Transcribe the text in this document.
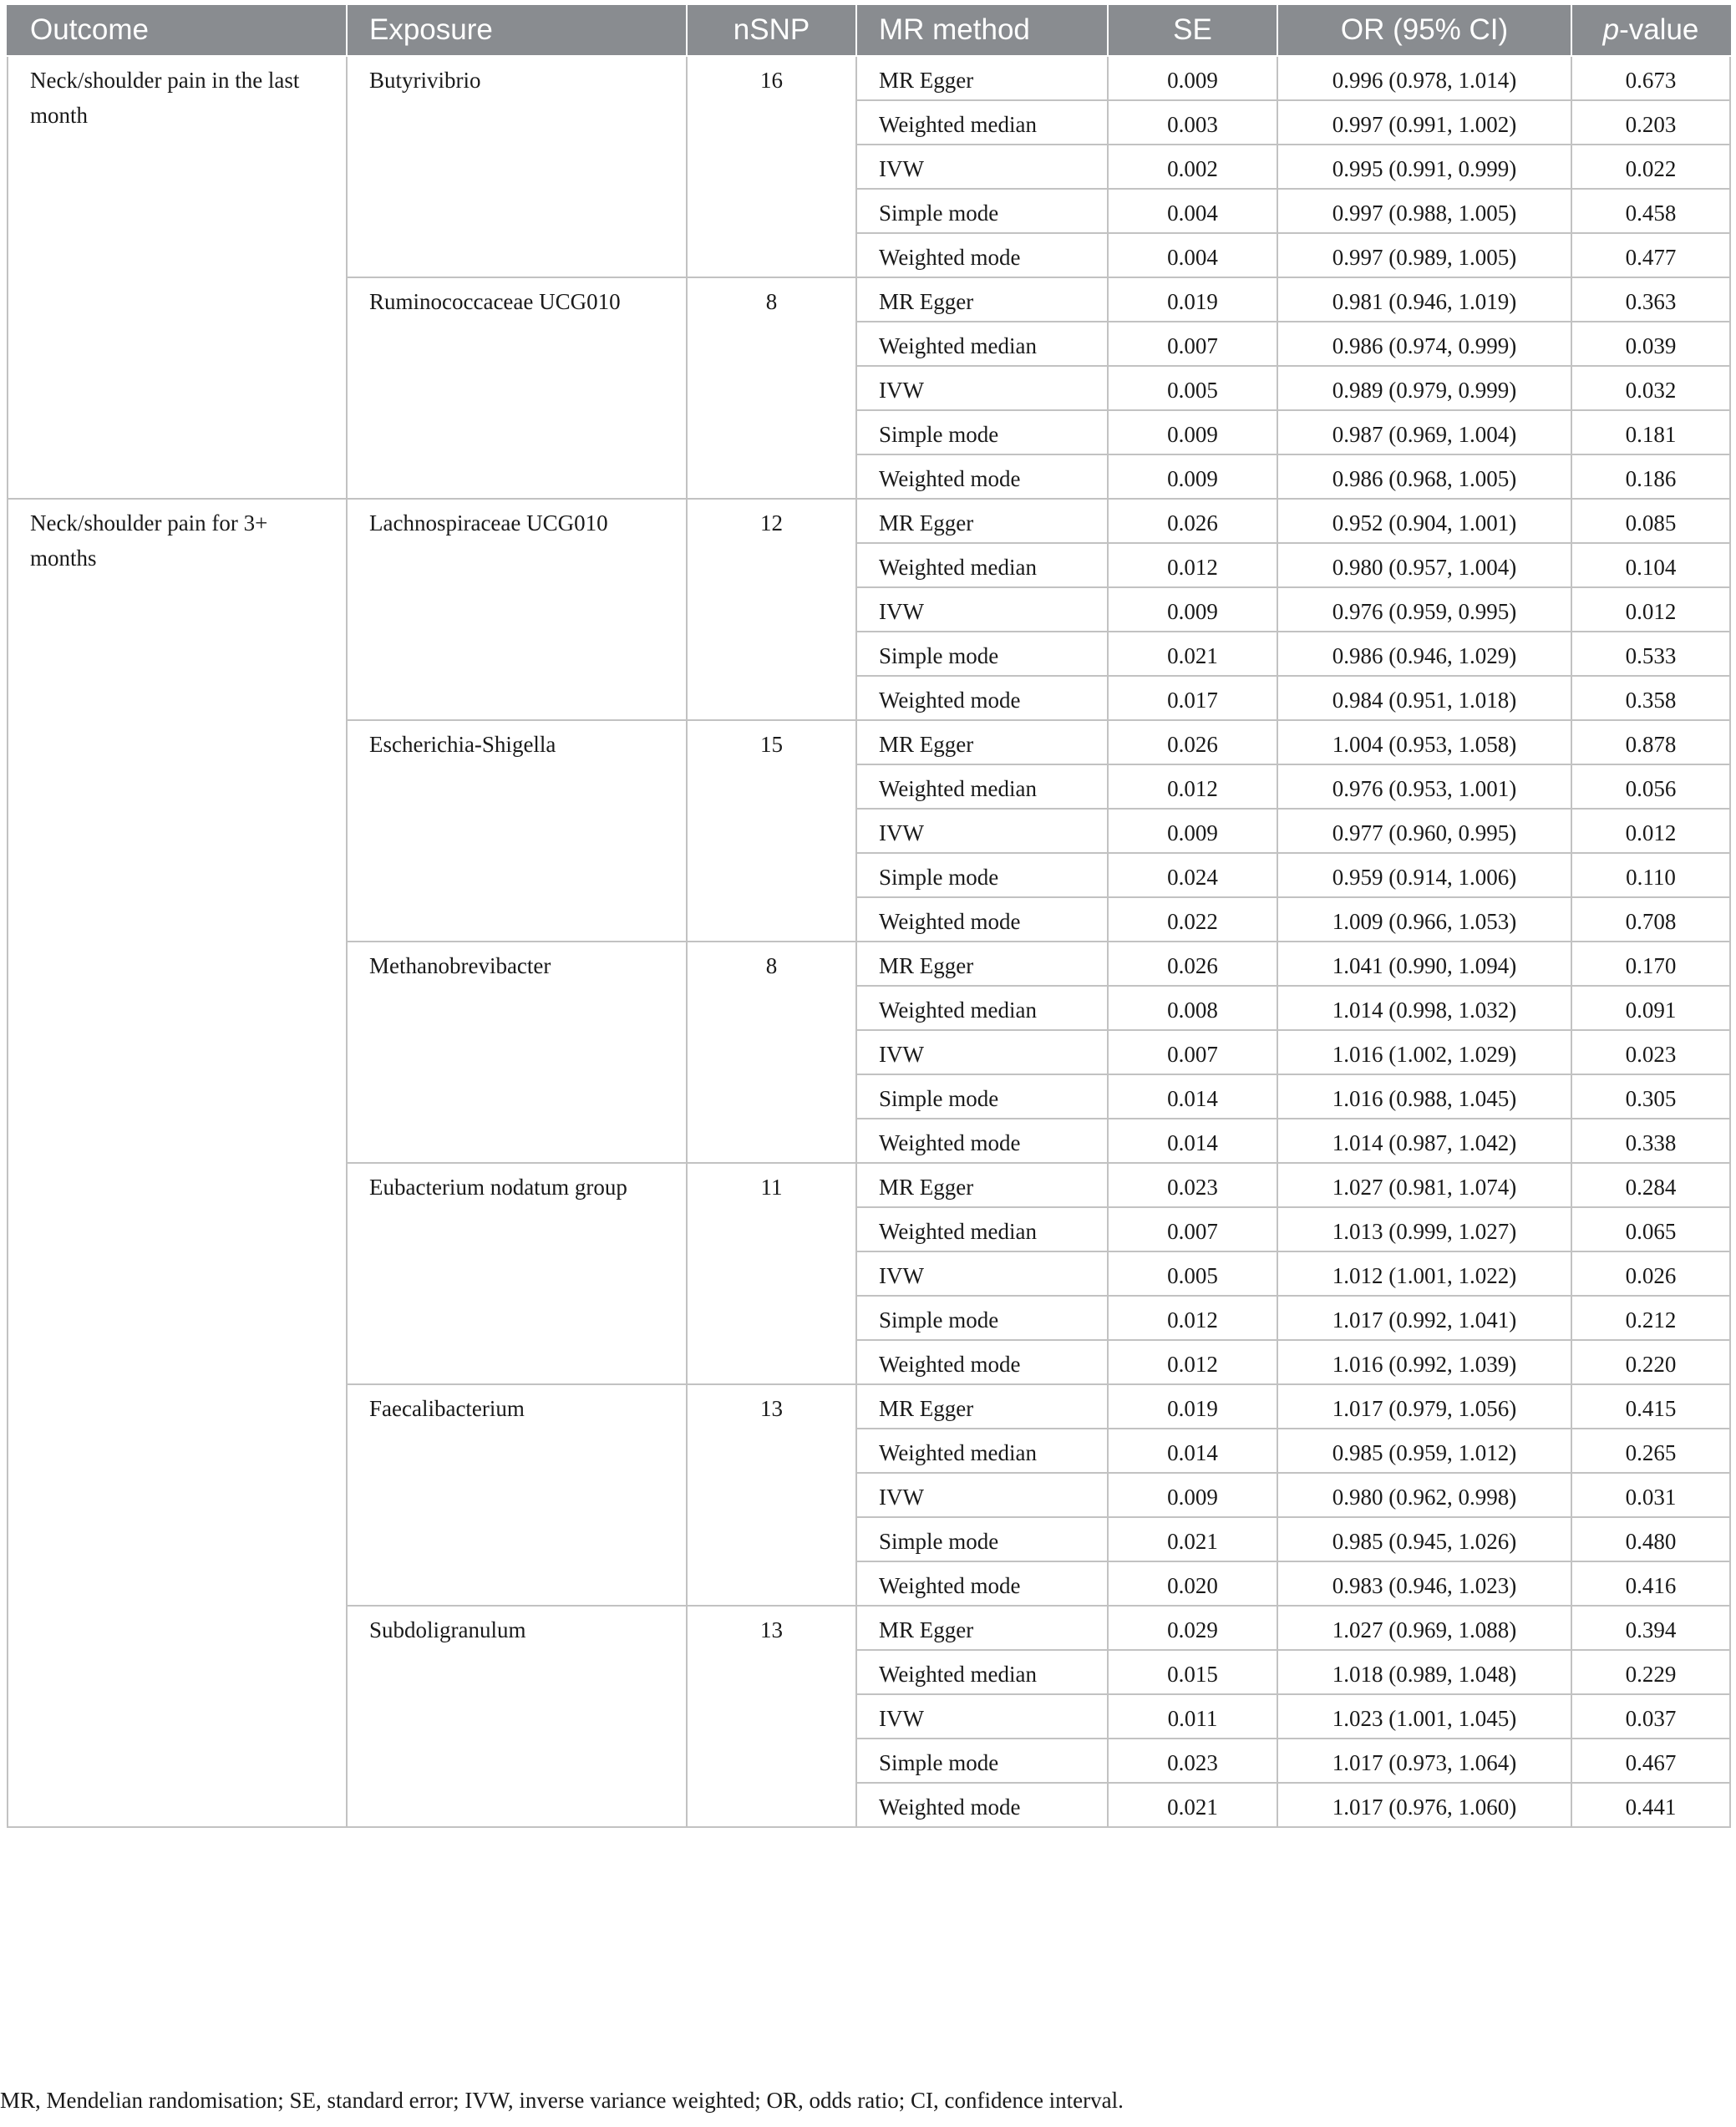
Outcome	Exposure	nSNP	MR method	SE	OR (95% CI)	p-value
Neck/shoulder pain in the last month	Butyrivibrio	16	MR Egger	0.009	0.996 (0.978, 1.014)	0.673
			Weighted median	0.003	0.997 (0.991, 1.002)	0.203
			IVW	0.002	0.995 (0.991, 0.999)	0.022
			Simple mode	0.004	0.997 (0.988, 1.005)	0.458
			Weighted mode	0.004	0.997 (0.989, 1.005)	0.477
	Ruminococcaceae UCG010	8	MR Egger	0.019	0.981 (0.946, 1.019)	0.363
			Weighted median	0.007	0.986 (0.974, 0.999)	0.039
			IVW	0.005	0.989 (0.979, 0.999)	0.032
			Simple mode	0.009	0.987 (0.969, 1.004)	0.181
			Weighted mode	0.009	0.986 (0.968, 1.005)	0.186
Neck/shoulder pain for 3+ months	Lachnospiraceae UCG010	12	MR Egger	0.026	0.952 (0.904, 1.001)	0.085
			Weighted median	0.012	0.980 (0.957, 1.004)	0.104
			IVW	0.009	0.976 (0.959, 0.995)	0.012
			Simple mode	0.021	0.986 (0.946, 1.029)	0.533
			Weighted mode	0.017	0.984 (0.951, 1.018)	0.358
	Escherichia-Shigella	15	MR Egger	0.026	1.004 (0.953, 1.058)	0.878
			Weighted median	0.012	0.976 (0.953, 1.001)	0.056
			IVW	0.009	0.977 (0.960, 0.995)	0.012
			Simple mode	0.024	0.959 (0.914, 1.006)	0.110
			Weighted mode	0.022	1.009 (0.966, 1.053)	0.708
	Methanobrevibacter	8	MR Egger	0.026	1.041 (0.990, 1.094)	0.170
			Weighted median	0.008	1.014 (0.998, 1.032)	0.091
			IVW	0.007	1.016 (1.002, 1.029)	0.023
			Simple mode	0.014	1.016 (0.988, 1.045)	0.305
			Weighted mode	0.014	1.014 (0.987, 1.042)	0.338
	Eubacterium nodatum group	11	MR Egger	0.023	1.027 (0.981, 1.074)	0.284
			Weighted median	0.007	1.013 (0.999, 1.027)	0.065
			IVW	0.005	1.012 (1.001, 1.022)	0.026
			Simple mode	0.012	1.017 (0.992, 1.041)	0.212
			Weighted mode	0.012	1.016 (0.992, 1.039)	0.220
	Faecalibacterium	13	MR Egger	0.019	1.017 (0.979, 1.056)	0.415
			Weighted median	0.014	0.985 (0.959, 1.012)	0.265
			IVW	0.009	0.980 (0.962, 0.998)	0.031
			Simple mode	0.021	0.985 (0.945, 1.026)	0.480
			Weighted mode	0.020	0.983 (0.946, 1.023)	0.416
	Subdoligranulum	13	MR Egger	0.029	1.027 (0.969, 1.088)	0.394
			Weighted median	0.015	1.018 (0.989, 1.048)	0.229
			IVW	0.011	1.023 (1.001, 1.045)	0.037
			Simple mode	0.023	1.017 (0.973, 1.064)	0.467
			Weighted mode	0.021	1.017 (0.976, 1.060)	0.441
MR, Mendelian randomisation; SE, standard error; IVW, inverse variance weighted; OR, odds ratio; CI, confidence interval.
